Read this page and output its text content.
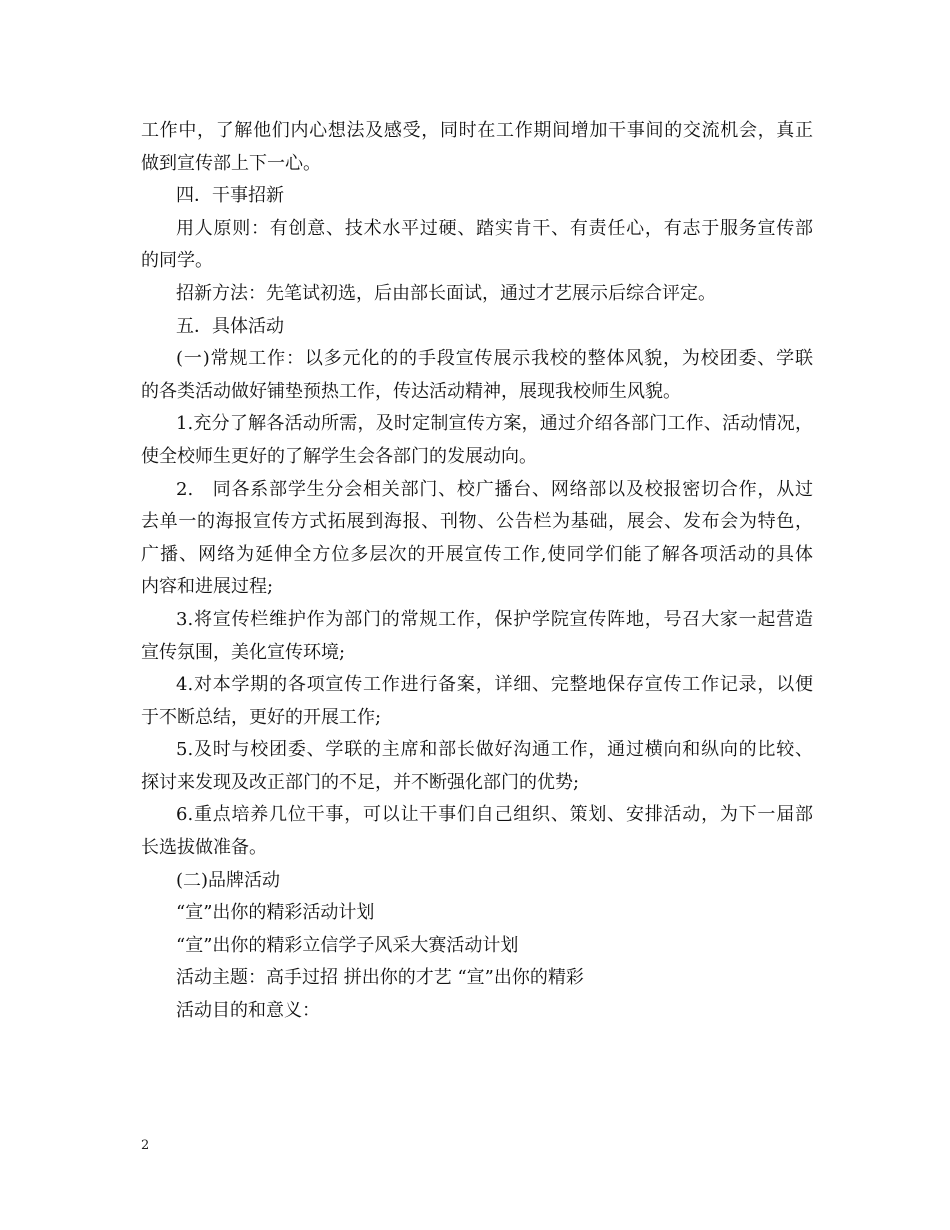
工作中，了解他们内心想法及感受，同时在工作期间增加干事间的交流机会，真正
做到宣传部上下一心。
四．干事招新
用人原则：有创意、技术水平过硬、踏实肯干、有责任心，有志于服务宣传部
的同学。
招新方法：先笔试初选，后由部长面试，通过才艺展示后综合评定。
五．具体活动
(一)常规工作：以多元化的的手段宣传展示我校的整体风貌，为校团委、学联
的各类活动做好铺垫预热工作，传达活动精神，展现我校师生风貌。
1.充分了解各活动所需，及时定制宣传方案，通过介绍各部门工作、活动情况，
使全校师生更好的了解学生会各部门的发展动向。
2.　同各系部学生分会相关部门、校广播台、网络部以及校报密切合作，从过
去单一的海报宣传方式拓展到海报、刊物、公告栏为基础，展会、发布会为特色，
广播、网络为延伸全方位多层次的开展宣传工作,使同学们能了解各项活动的具体
内容和进展过程;
3.将宣传栏维护作为部门的常规工作，保护学院宣传阵地，号召大家一起营造
宣传氛围，美化宣传环境;
4.对本学期的各项宣传工作进行备案，详细、完整地保存宣传工作记录，以便
于不断总结，更好的开展工作;
5.及时与校团委、学联的主席和部长做好沟通工作，通过横向和纵向的比较、
探讨来发现及改正部门的不足，并不断强化部门的优势;
6.重点培养几位干事，可以让干事们自己组织、策划、安排活动，为下一届部
长选拔做准备。
(二)品牌活动
“宣”出你的精彩活动计划
“宣”出你的精彩立信学子风采大赛活动计划
活动主题：高手过招 拼出你的才艺 “宣”出你的精彩
活动目的和意义：
2
